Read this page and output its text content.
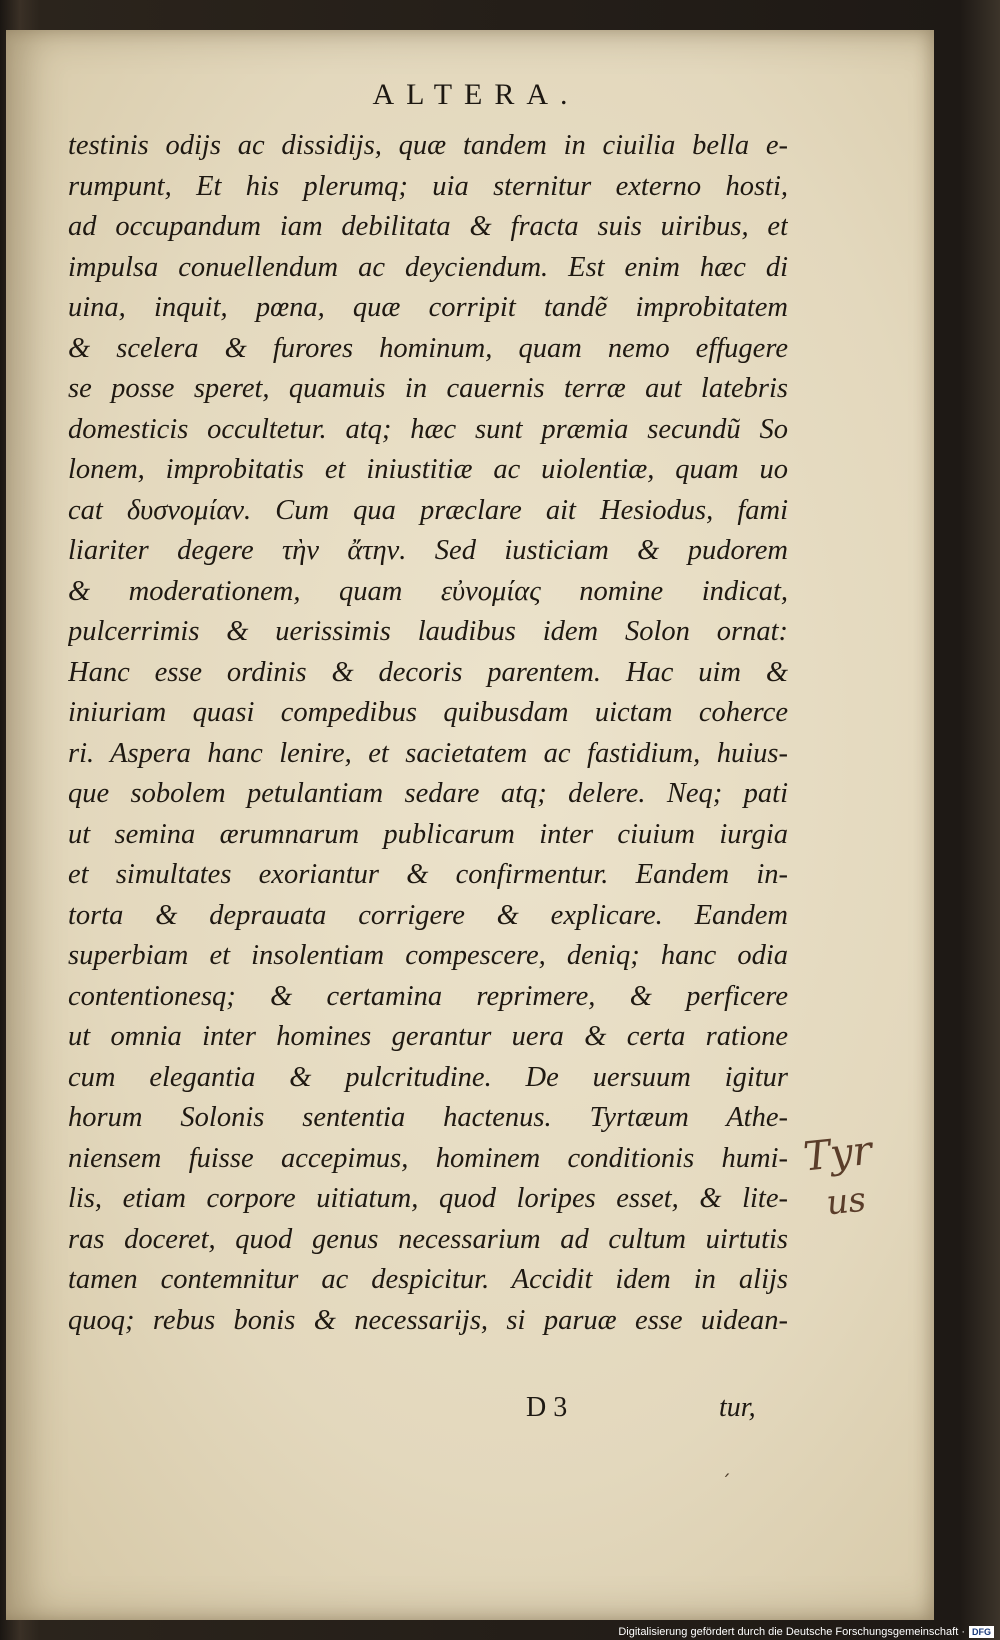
ALTERA.
testinis odijs ac dissidijs, quæ tandem in ciuilia bella e-
rumpunt, Et his plerumq; uia sternitur externo hosti,
ad occupandum iam debilitata & fracta suis uiribus, et
impulsa conuellendum ac deyciendum. Est enim hæc di
uina, inquit, pœna, quæ corripit tandẽ improbitatem
& scelera & furores hominum, quam nemo effugere
se posse speret, quamuis in cauernis terræ aut latebris
domesticis occultetur. atq; hæc sunt præmia secundũ So
lonem, improbitatis et iniustitiæ ac uiolentiæ, quam uo
cat δυσνομίαν. Cum qua præclare ait Hesiodus, fami
liariter degere τὴν ἄτην. Sed iusticiam & pudorem
& moderationem, quam εὐνομίας nomine indicat,
pulcerrimis & uerissimis laudibus idem Solon ornat:
Hanc esse ordinis & decoris parentem. Hac uim &
iniuriam quasi compedibus quibusdam uictam coherce
ri. Aspera hanc lenire, et sacietatem ac fastidium, huius-
que sobolem petulantiam sedare atq; delere. Neq; pati
ut semina ærumnarum publicarum inter ciuium iurgia
et simultates exoriantur & confirmentur. Eandem in-
torta & deprauata corrigere & explicare. Eandem
superbiam et insolentiam compescere, deniq; hanc odia
contentionesq; & certamina reprimere, & perficere
ut omnia inter homines gerantur uera & certa ratione
cum elegantia & pulcritudine. De uersuum igitur
horum Solonis sententia hactenus. Tyrtæum Athe-
niensem fuisse accepimus, hominem conditionis humi-
lis, etiam corpore uitiatum, quod loripes esset, & lite-
ras doceret, quod genus necessarium ad cultum uirtutis
tamen contemnitur ac despicitur. Accidit idem in alijs
quoq; rebus bonis & necessarijs, si paruæ esse uidean-
D 3	tur,
Tyr
us
´
Digitalisierung gefördert durch die Deutsche Forschungsgemeinschaft · DFG
